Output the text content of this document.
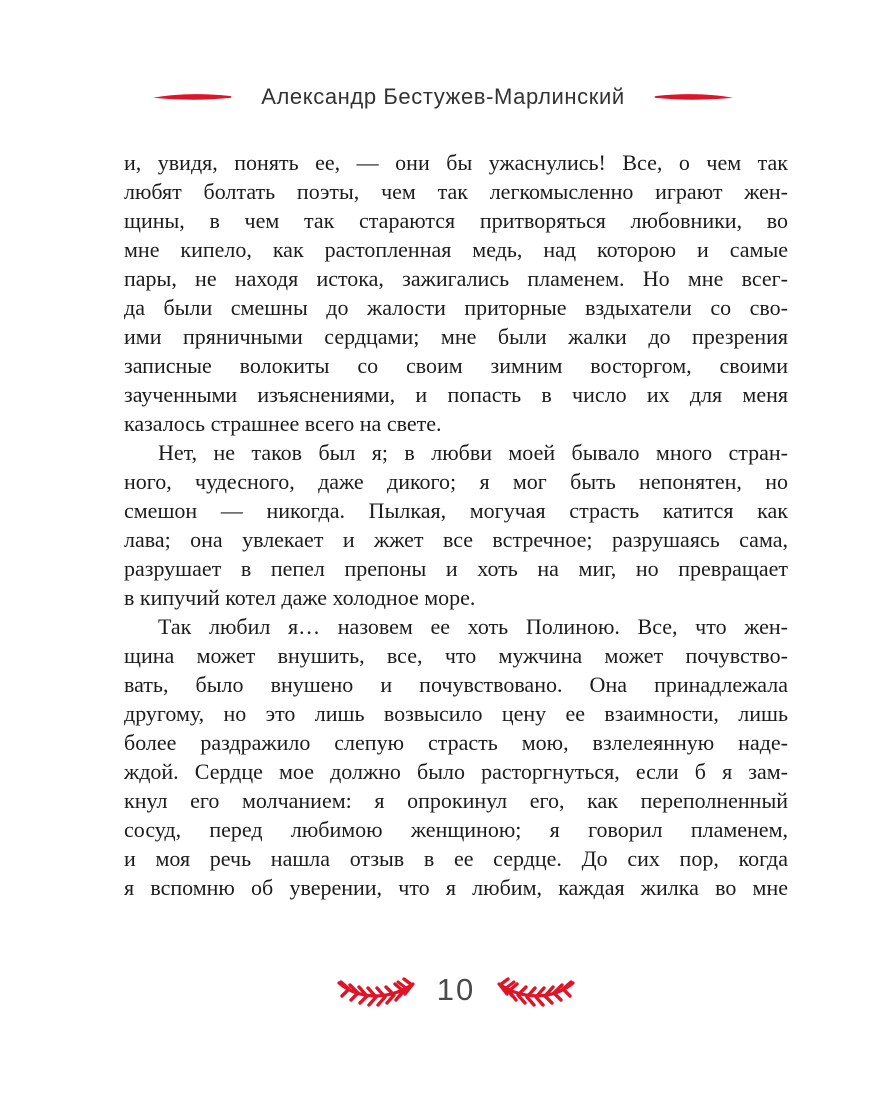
Александр Бестужев-Марлинский
и, увидя, понять ее, — они бы ужаснулись! Все, о чем так
любят болтать поэты, чем так легкомысленно играют жен-
щины, в чем так стараются притворяться любовники, во
мне кипело, как растопленная медь, над которою и самые
пары, не находя истока, зажигались пламенем. Но мне всег-
да были смешны до жалости приторные вздыхатели со сво-
ими пряничными сердцами; мне были жалки до презрения
записные волокиты со своим зимним восторгом, своими
заученными изъяснениями, и попасть в число их для меня
казалось страшнее всего на свете.
Нет, не таков был я; в любви моей бывало много стран-
ного, чудесного, даже дикого; я мог быть непонятен, но
смешон — никогда. Пылкая, могучая страсть катится как
лава; она увлекает и жжет все встречное; разрушаясь сама,
разрушает в пепел препоны и хоть на миг, но превращает
в кипучий котел даже холодное море.
Так любил я… назовем ее хоть Полиною. Все, что жен-
щина может внушить, все, что мужчина может почувство-
вать, было внушено и почувствовано. Она принадлежала
другому, но это лишь возвысило цену ее взаимности, лишь
более раздражило слепую страсть мою, взлелеянную наде-
ждой. Сердце мое должно было расторгнуться, если б я зам-
кнул его молчанием: я опрокинул его, как переполненный
сосуд, перед любимою женщиною; я говорил пламенем,
и моя речь нашла отзыв в ее сердце. До сих пор, когда
я вспомню об уверении, что я любим, каждая жилка во мне
10
